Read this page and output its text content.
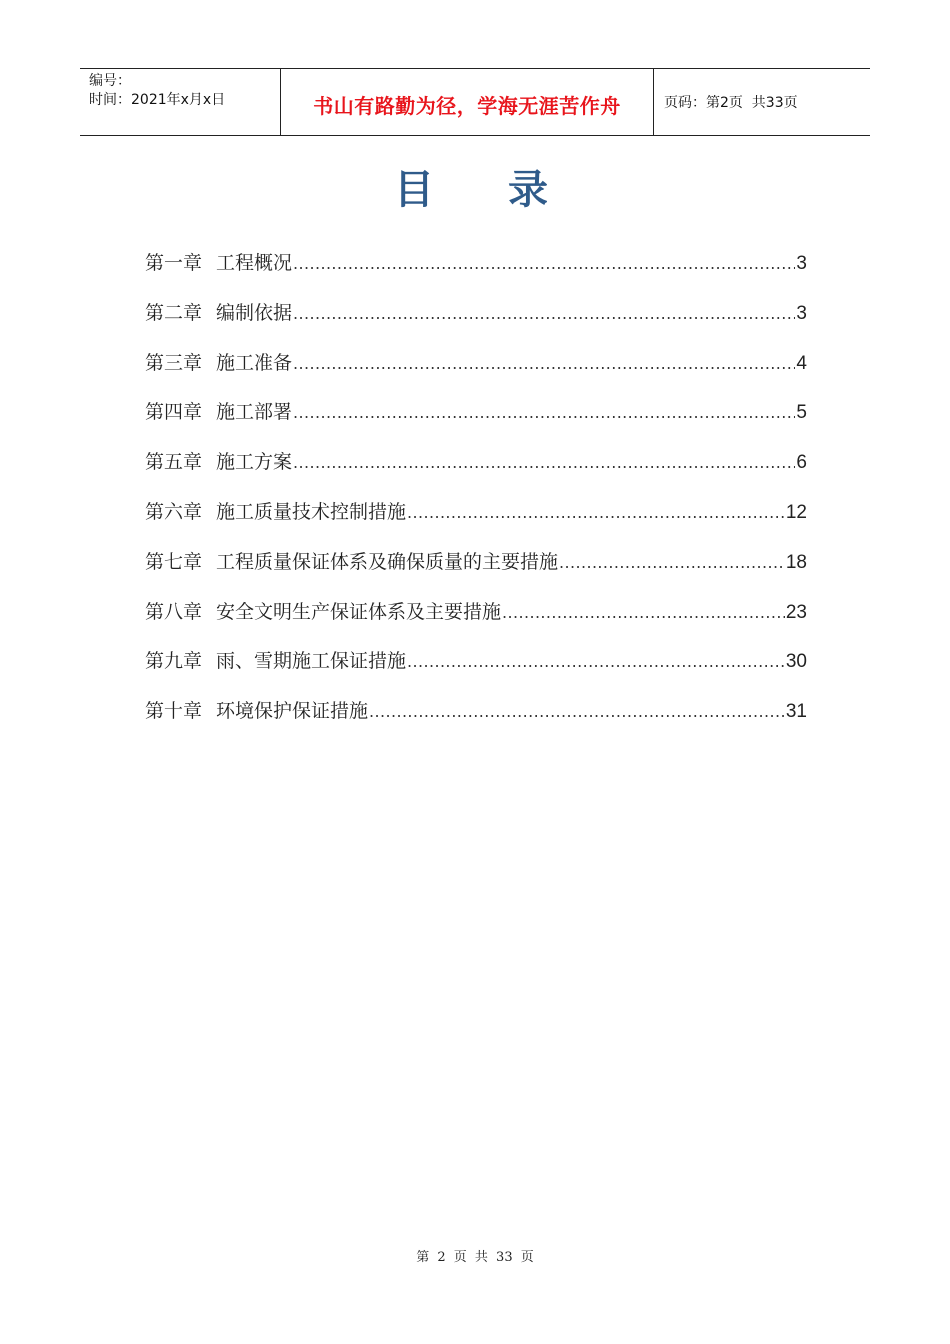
编号：
时间：2021年x月x日	书山有路勤为径，学海无涯苦作舟	页码：第2页  共33页
目 录
第一章 工程概况 .....	3
第二章 编制依据 .....	3
第三章 施工准备 .....	4
第四章 施工部署 .....	5
第五章 施工方案 .....	6
第六章 施工质量技术控制措施 .....	12
第七章 工程质量保证体系及确保质量的主要措施 .....	18
第八章 安全文明生产保证体系及主要措施 .....	23
第九章 雨、雪期施工保证措施 .....	30
第十章 环境保护保证措施 .....	31
第 2 页 共 33 页
